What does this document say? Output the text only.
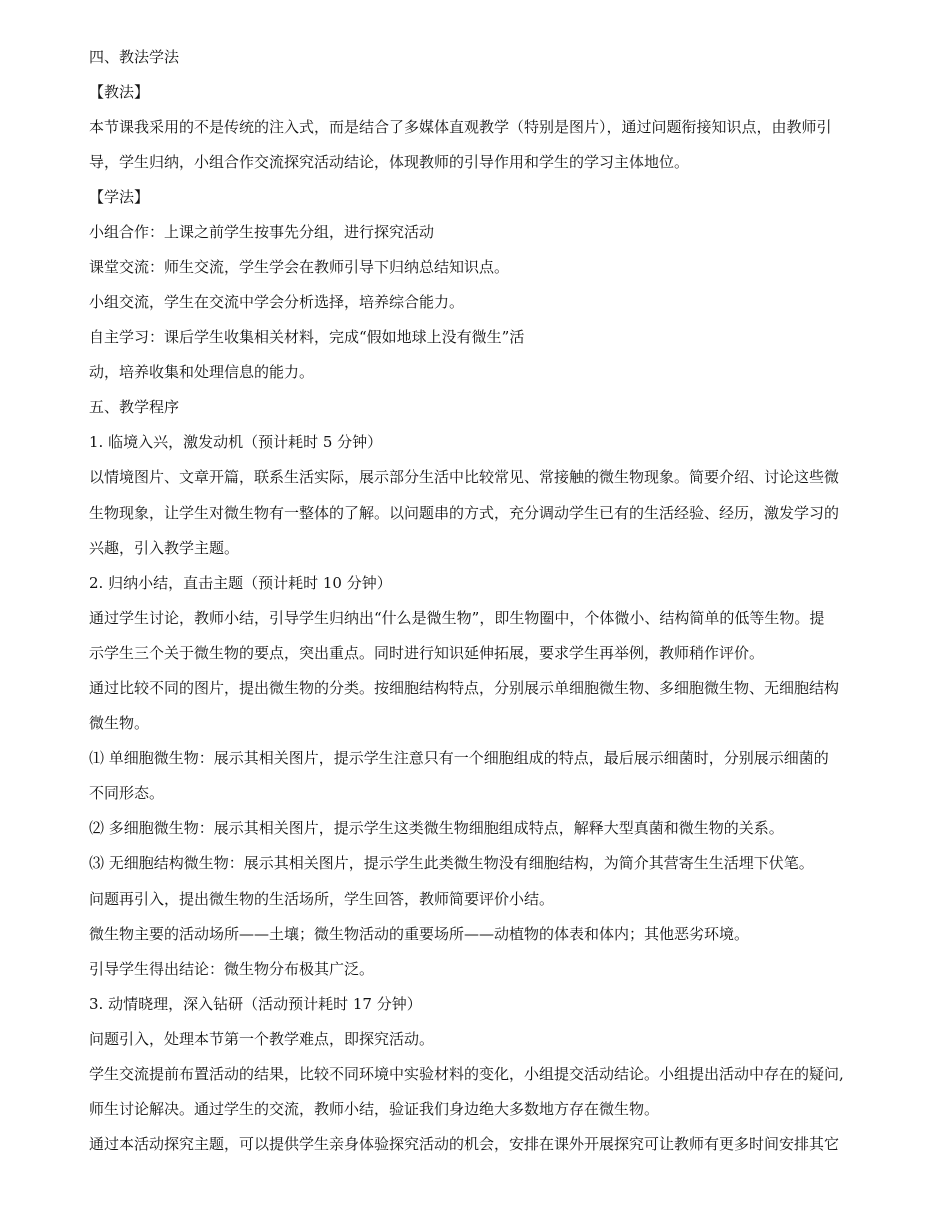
四、教法学法
【教法】
本节课我采用的不是传统的注入式，而是结合了多媒体直观教学（特别是图片），通过问题衔接知识点，由教师引
导，学生归纳，小组合作交流探究活动结论，体现教师的引导作用和学生的学习主体地位。
【学法】
小组合作：上课之前学生按事先分组，进行探究活动
课堂交流：师生交流，学生学会在教师引导下归纳总结知识点。
小组交流，学生在交流中学会分析选择，培养综合能力。
自主学习：课后学生收集相关材料，完成“假如地球上没有微生”活
动，培养收集和处理信息的能力。
五、教学程序
1. 临境入兴，激发动机（预计耗时 5 分钟）
以情境图片、文章开篇，联系生活实际，展示部分生活中比较常见、常接触的微生物现象。简要介绍、讨论这些微
生物现象，让学生对微生物有一整体的了解。以问题串的方式，充分调动学生已有的生活经验、经历，激发学习的
兴趣，引入教学主题。
2. 归纳小结，直击主题（预计耗时 10 分钟）
通过学生讨论，教师小结，引导学生归纳出“什么是微生物”，即生物圈中，个体微小、结构简单的低等生物。提
示学生三个关于微生物的要点，突出重点。同时进行知识延伸拓展，要求学生再举例，教师稍作评价。
通过比较不同的图片，提出微生物的分类。按细胞结构特点，分别展示单细胞微生物、多细胞微生物、无细胞结构
微生物。
⑴ 单细胞微生物：展示其相关图片，提示学生注意只有一个细胞组成的特点，最后展示细菌时，分别展示细菌的
不同形态。
⑵ 多细胞微生物：展示其相关图片，提示学生这类微生物细胞组成特点，解释大型真菌和微生物的关系。
⑶ 无细胞结构微生物：展示其相关图片，提示学生此类微生物没有细胞结构，为简介其营寄生生活埋下伏笔。
问题再引入，提出微生物的生活场所，学生回答，教师简要评价小结。
微生物主要的活动场所——土壤；微生物活动的重要场所——动植物的体表和体内；其他恶劣环境。
引导学生得出结论：微生物分布极其广泛。
3. 动情晓理，深入钻研（活动预计耗时 17 分钟）
问题引入，处理本节第一个教学难点，即探究活动。
学生交流提前布置活动的结果，比较不同环境中实验材料的变化，小组提交活动结论。小组提出活动中存在的疑问,
师生讨论解决。通过学生的交流，教师小结，验证我们身边绝大多数地方存在微生物。
通过本活动探究主题，可以提供学生亲身体验探究活动的机会，安排在课外开展探究可让教师有更多时间安排其它
